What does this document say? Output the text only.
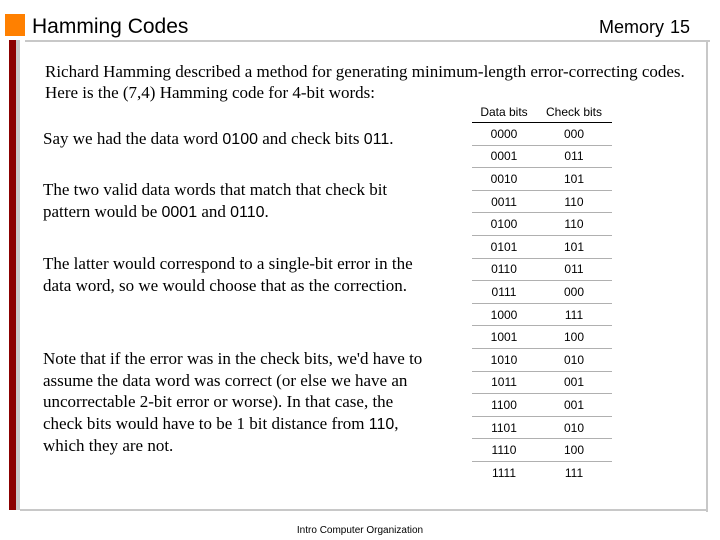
Hamming Codes	Memory 15
Richard Hamming described a method for generating minimum-length error-correcting codes. Here is the (7,4) Hamming code for 4-bit words:
Say we had the data word 0100 and check bits 011.
The two valid data words that match that check bit pattern would be 0001 and 0110.
The latter would correspond to a single-bit error in the data word, so we would choose that as the correction.
Note that if the error was in the check bits, we'd have to assume the data word was correct (or else we have an uncorrectable 2-bit error or worse). In that case, the check bits would have to be 1 bit distance from 110, which they are not.
Data bits	Check bits
0000	000
0001	011
0010	101
0011	110
0100	110
0101	101
0110	011
0111	000
1000	111
1001	100
1010	010
1011	001
1100	001
1101	010
1110	100
1111	111
Intro Computer Organization
